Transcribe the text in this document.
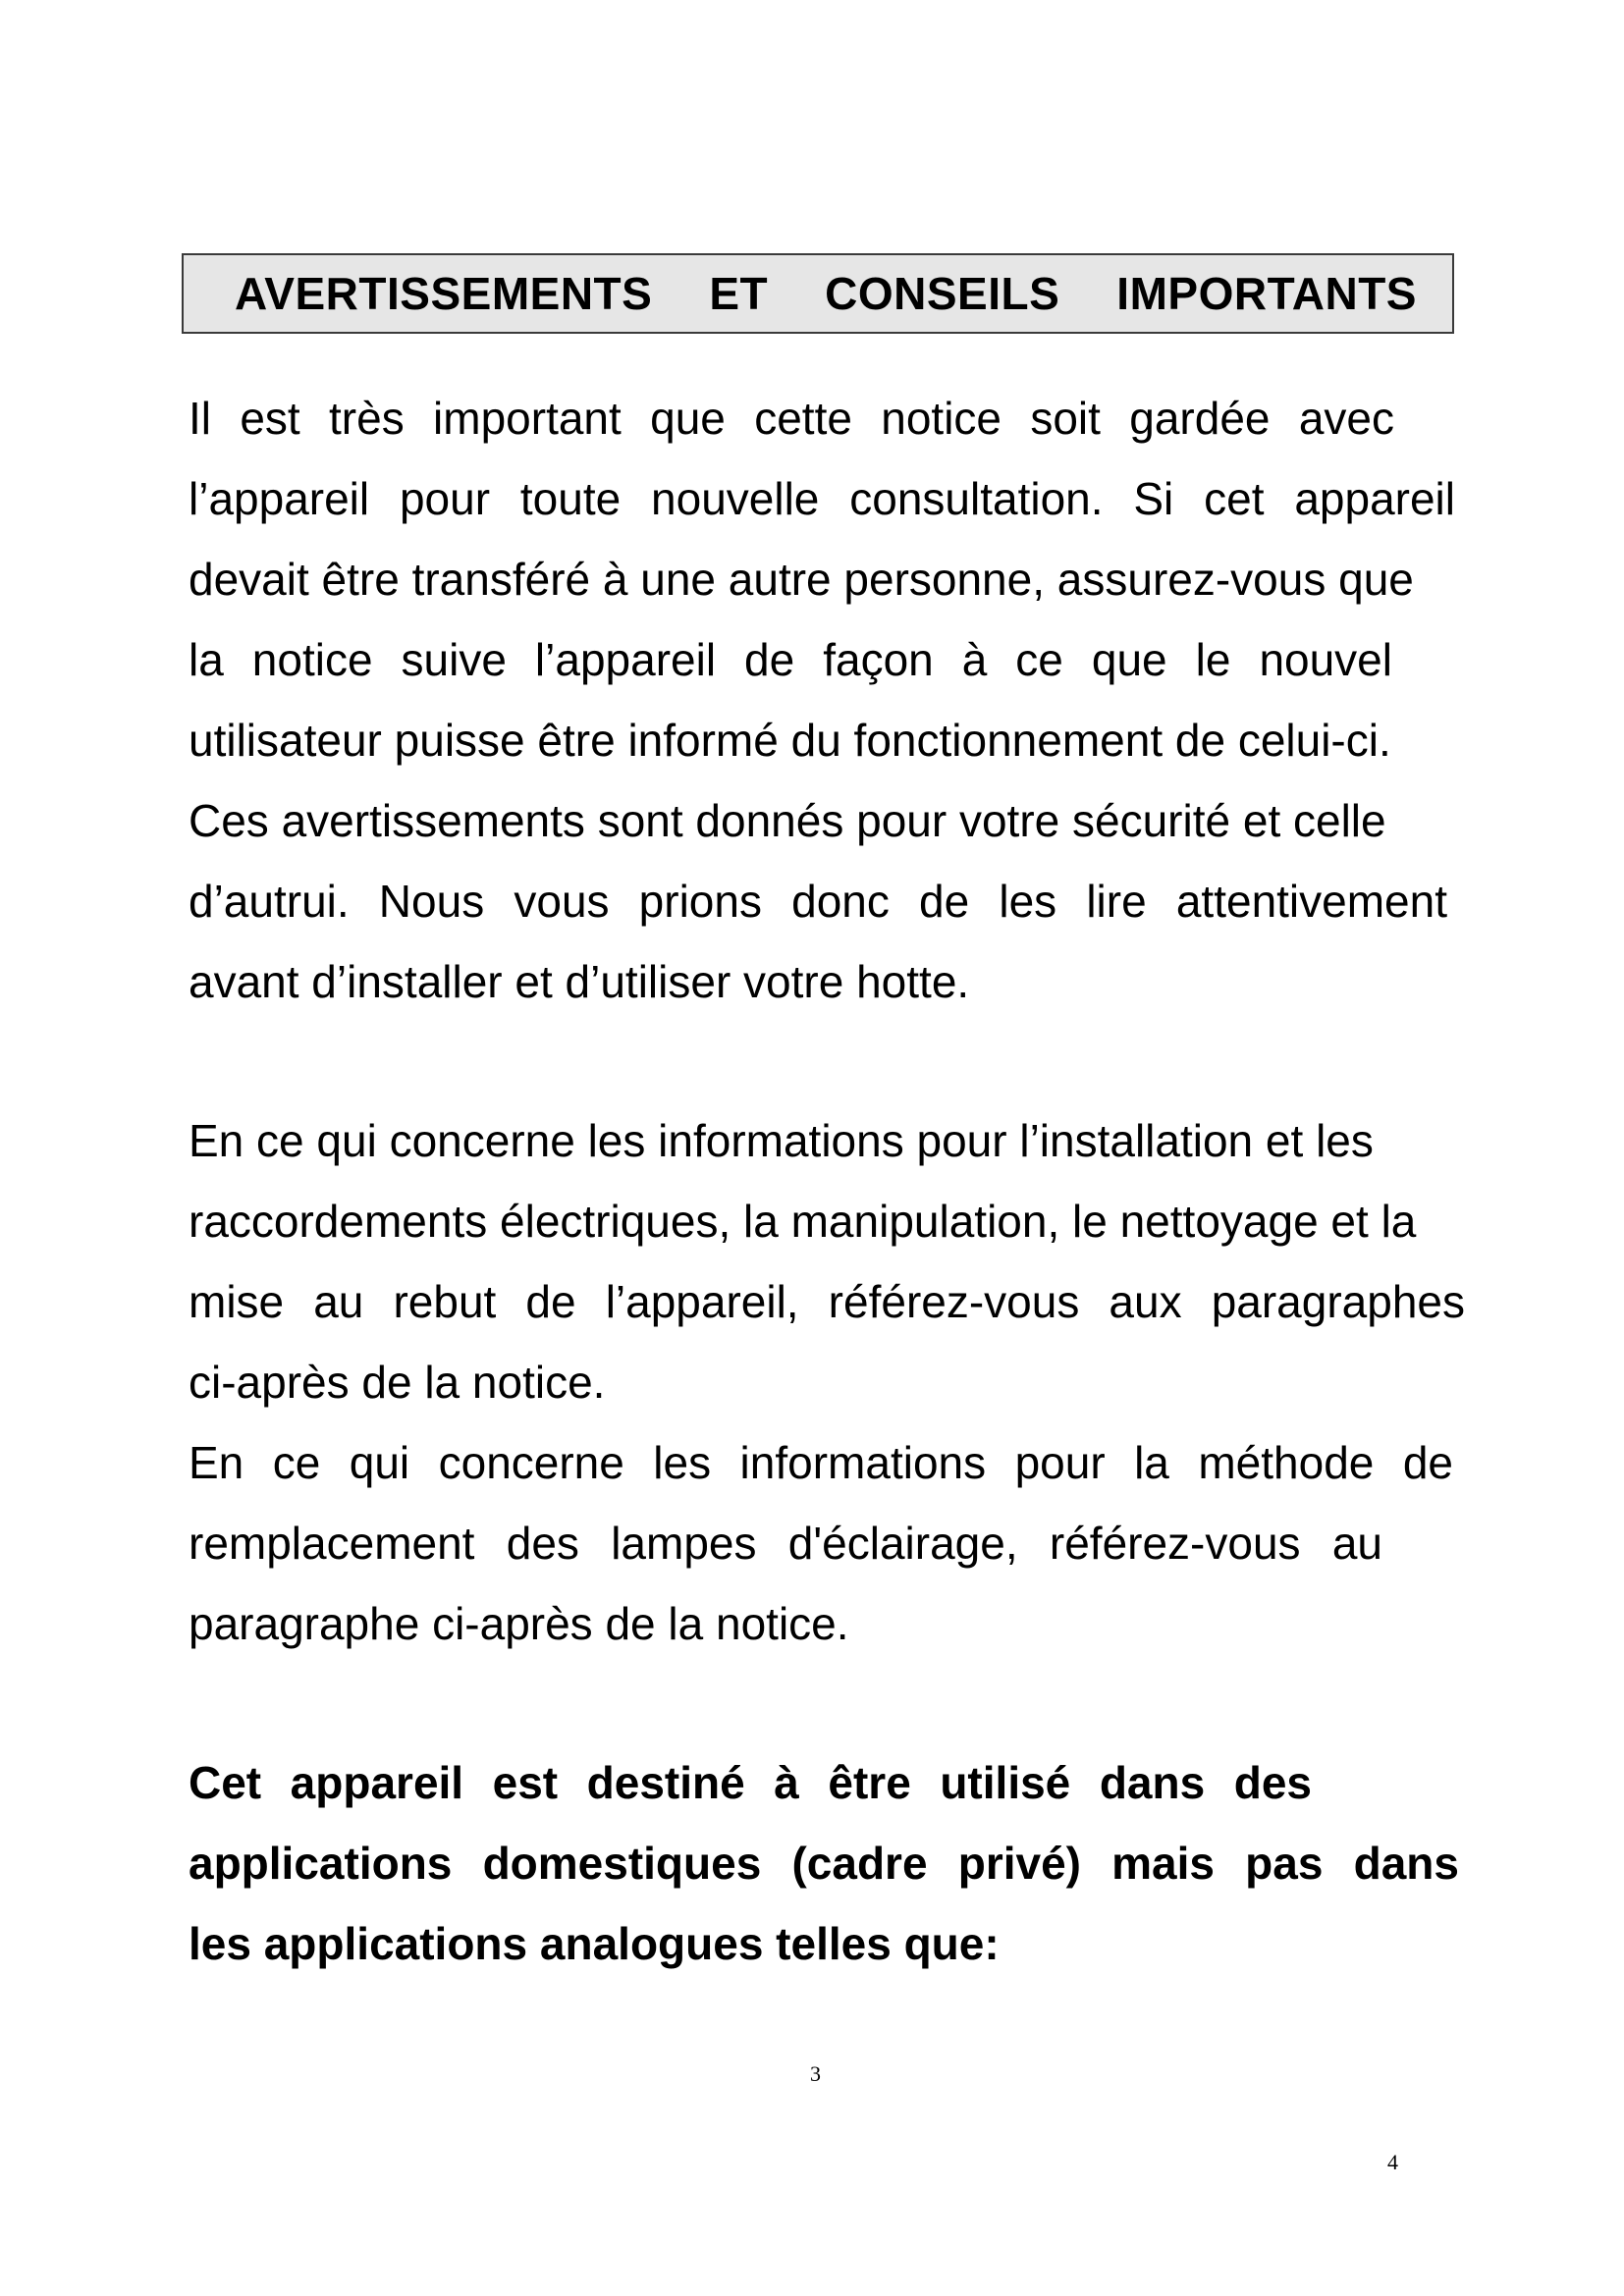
AVERTISSEMENTS ET CONSEILS IMPORTANTS
Il est très important que cette notice soit gardée avec
l’appareil pour toute nouvelle consultation. Si cet appareil
devait être transféré à une autre personne, assurez-vous que
la notice suive l’appareil de façon à ce que le nouvel
utilisateur puisse être informé du fonctionnement de celui-ci.
Ces avertissements sont donnés pour votre sécurité et celle
d’autrui. Nous vous prions donc de les lire attentivement
avant d’installer et d’utiliser votre hotte.
En ce qui concerne les informations pour l’installation et les
raccordements électriques, la manipulation, le nettoyage et la
mise au rebut de l’appareil, référez-vous aux paragraphes
ci-après de la notice.
En ce qui concerne les informations pour la méthode de
remplacement des lampes d'éclairage, référez-vous au
paragraphe ci-après de la notice.
Cet appareil est destiné à être utilisé dans des
applications domestiques (cadre privé) mais pas dans
les applications analogues telles que:
3
4
